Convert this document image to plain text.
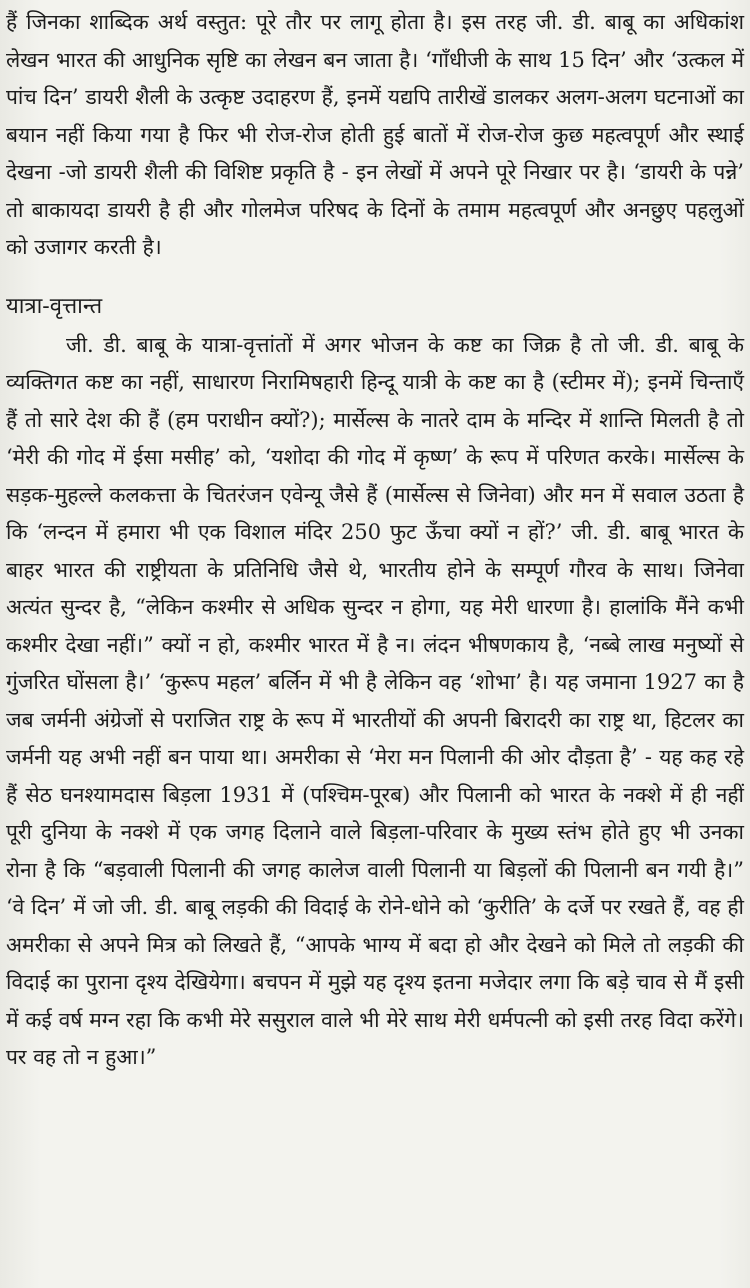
हैं जिनका शाब्दिक अर्थ वस्तुत: पूरे तौर पर लागू होता है। इस तरह जी. डी. बाबू का अधिकांश लेखन भारत की आधुनिक सृष्टि का लेखन बन जाता है। ‘गाँधीजी के साथ 15 दिन’ और ‘उत्कल में पांच दिन’ डायरी शैली के उत्कृष्ट उदाहरण हैं, इनमें यद्यपि तारीखें डालकर अलग-अलग घटनाओं का बयान नहीं किया गया है फिर भी रोज-रोज होती हुई बातों में रोज-रोज कुछ महत्वपूर्ण और स्थाई देखना -जो डायरी शैली की विशिष्ट प्रकृति है - इन लेखों में अपने पूरे निखार पर है। ‘डायरी के पन्ने’ तो बाकायदा डायरी है ही और गोलमेज परिषद के दिनों के तमाम महत्वपूर्ण और अनछुए पहलुओं को उजागर करती है।

यात्रा-वृत्तान्त

जी. डी. बाबू के यात्रा-वृत्तांतों में अगर भोजन के कष्ट का जिक्र है तो जी. डी. बाबू के व्यक्तिगत कष्ट का नहीं, साधारण निरामिषहारी हिन्दू यात्री के कष्ट का है (स्टीमर में); इनमें चिन्ताएँ हैं तो सारे देश की हैं (हम पराधीन क्यों?); मार्सेल्स के नातरे दाम के मन्दिर में शान्ति मिलती है तो ‘मेरी की गोद में ईसा मसीह’ को, ‘यशोदा की गोद में कृष्ण’ के रूप में परिणत करके। मार्सेल्स के सड़क-मुहल्ले कलकत्ता के चितरंजन एवेन्यू जैसे हैं (मार्सेल्स से जिनेवा) और मन में सवाल उठता है कि ‘लन्दन में हमारा भी एक विशाल मंदिर 250 फुट ऊँचा क्यों न हों?’ जी. डी. बाबू भारत के बाहर भारत की राष्ट्रीयता के प्रतिनिधि जैसे थे, भारतीय होने के सम्पूर्ण गौरव के साथ। जिनेवा अत्यंत सुन्दर है, “लेकिन कश्मीर से अधिक सुन्दर न होगा, यह मेरी धारणा है। हालांकि मैंने कभी कश्मीर देखा नहीं।” क्यों न हो, कश्मीर भारत में है न। लंदन भीषणकाय है, ‘नब्बे लाख मनुष्यों से गुंजरित घोंसला है।’ ‘कुरूप महल’ बर्लिन में भी है लेकिन वह ‘शोभा’ है। यह जमाना 1927 का है जब जर्मनी अंग्रेजों से पराजित राष्ट्र के रूप में भारतीयों की अपनी बिरादरी का राष्ट्र था, हिटलर का जर्मनी यह अभी नहीं बन पाया था। अमरीका से ‘मेरा मन पिलानी की ओर दौड़ता है’ - यह कह रहे हैं सेठ घनश्यामदास बिड़ला 1931 में (पश्चिम-पूरब) और पिलानी को भारत के नक्शे में ही नहीं पूरी दुनिया के नक्शे में एक जगह दिलाने वाले बिड़ला-परिवार के मुख्य स्तंभ होते हुए भी उनका रोना है कि “बड़वाली पिलानी की जगह कालेज वाली पिलानी या बिड़लों की पिलानी बन गयी है।” ‘वे दिन’ में जो जी. डी. बाबू लड़की की विदाई के रोने-धोने को ‘कुरीति’ के दर्जे पर रखते हैं, वह ही अमरीका से अपने मित्र को लिखते हैं, “आपके भाग्य में बदा हो और देखने को मिले तो लड़की की विदाई का पुराना दृश्य देखियेगा। बचपन में मुझे यह दृश्य इतना मजेदार लगा कि बड़े चाव से मैं इसी में कई वर्ष मग्न रहा कि कभी मेरे ससुराल वाले भी मेरे साथ मेरी धर्मपत्नी को इसी तरह विदा करेंगे। पर वह तो न हुआ।”
